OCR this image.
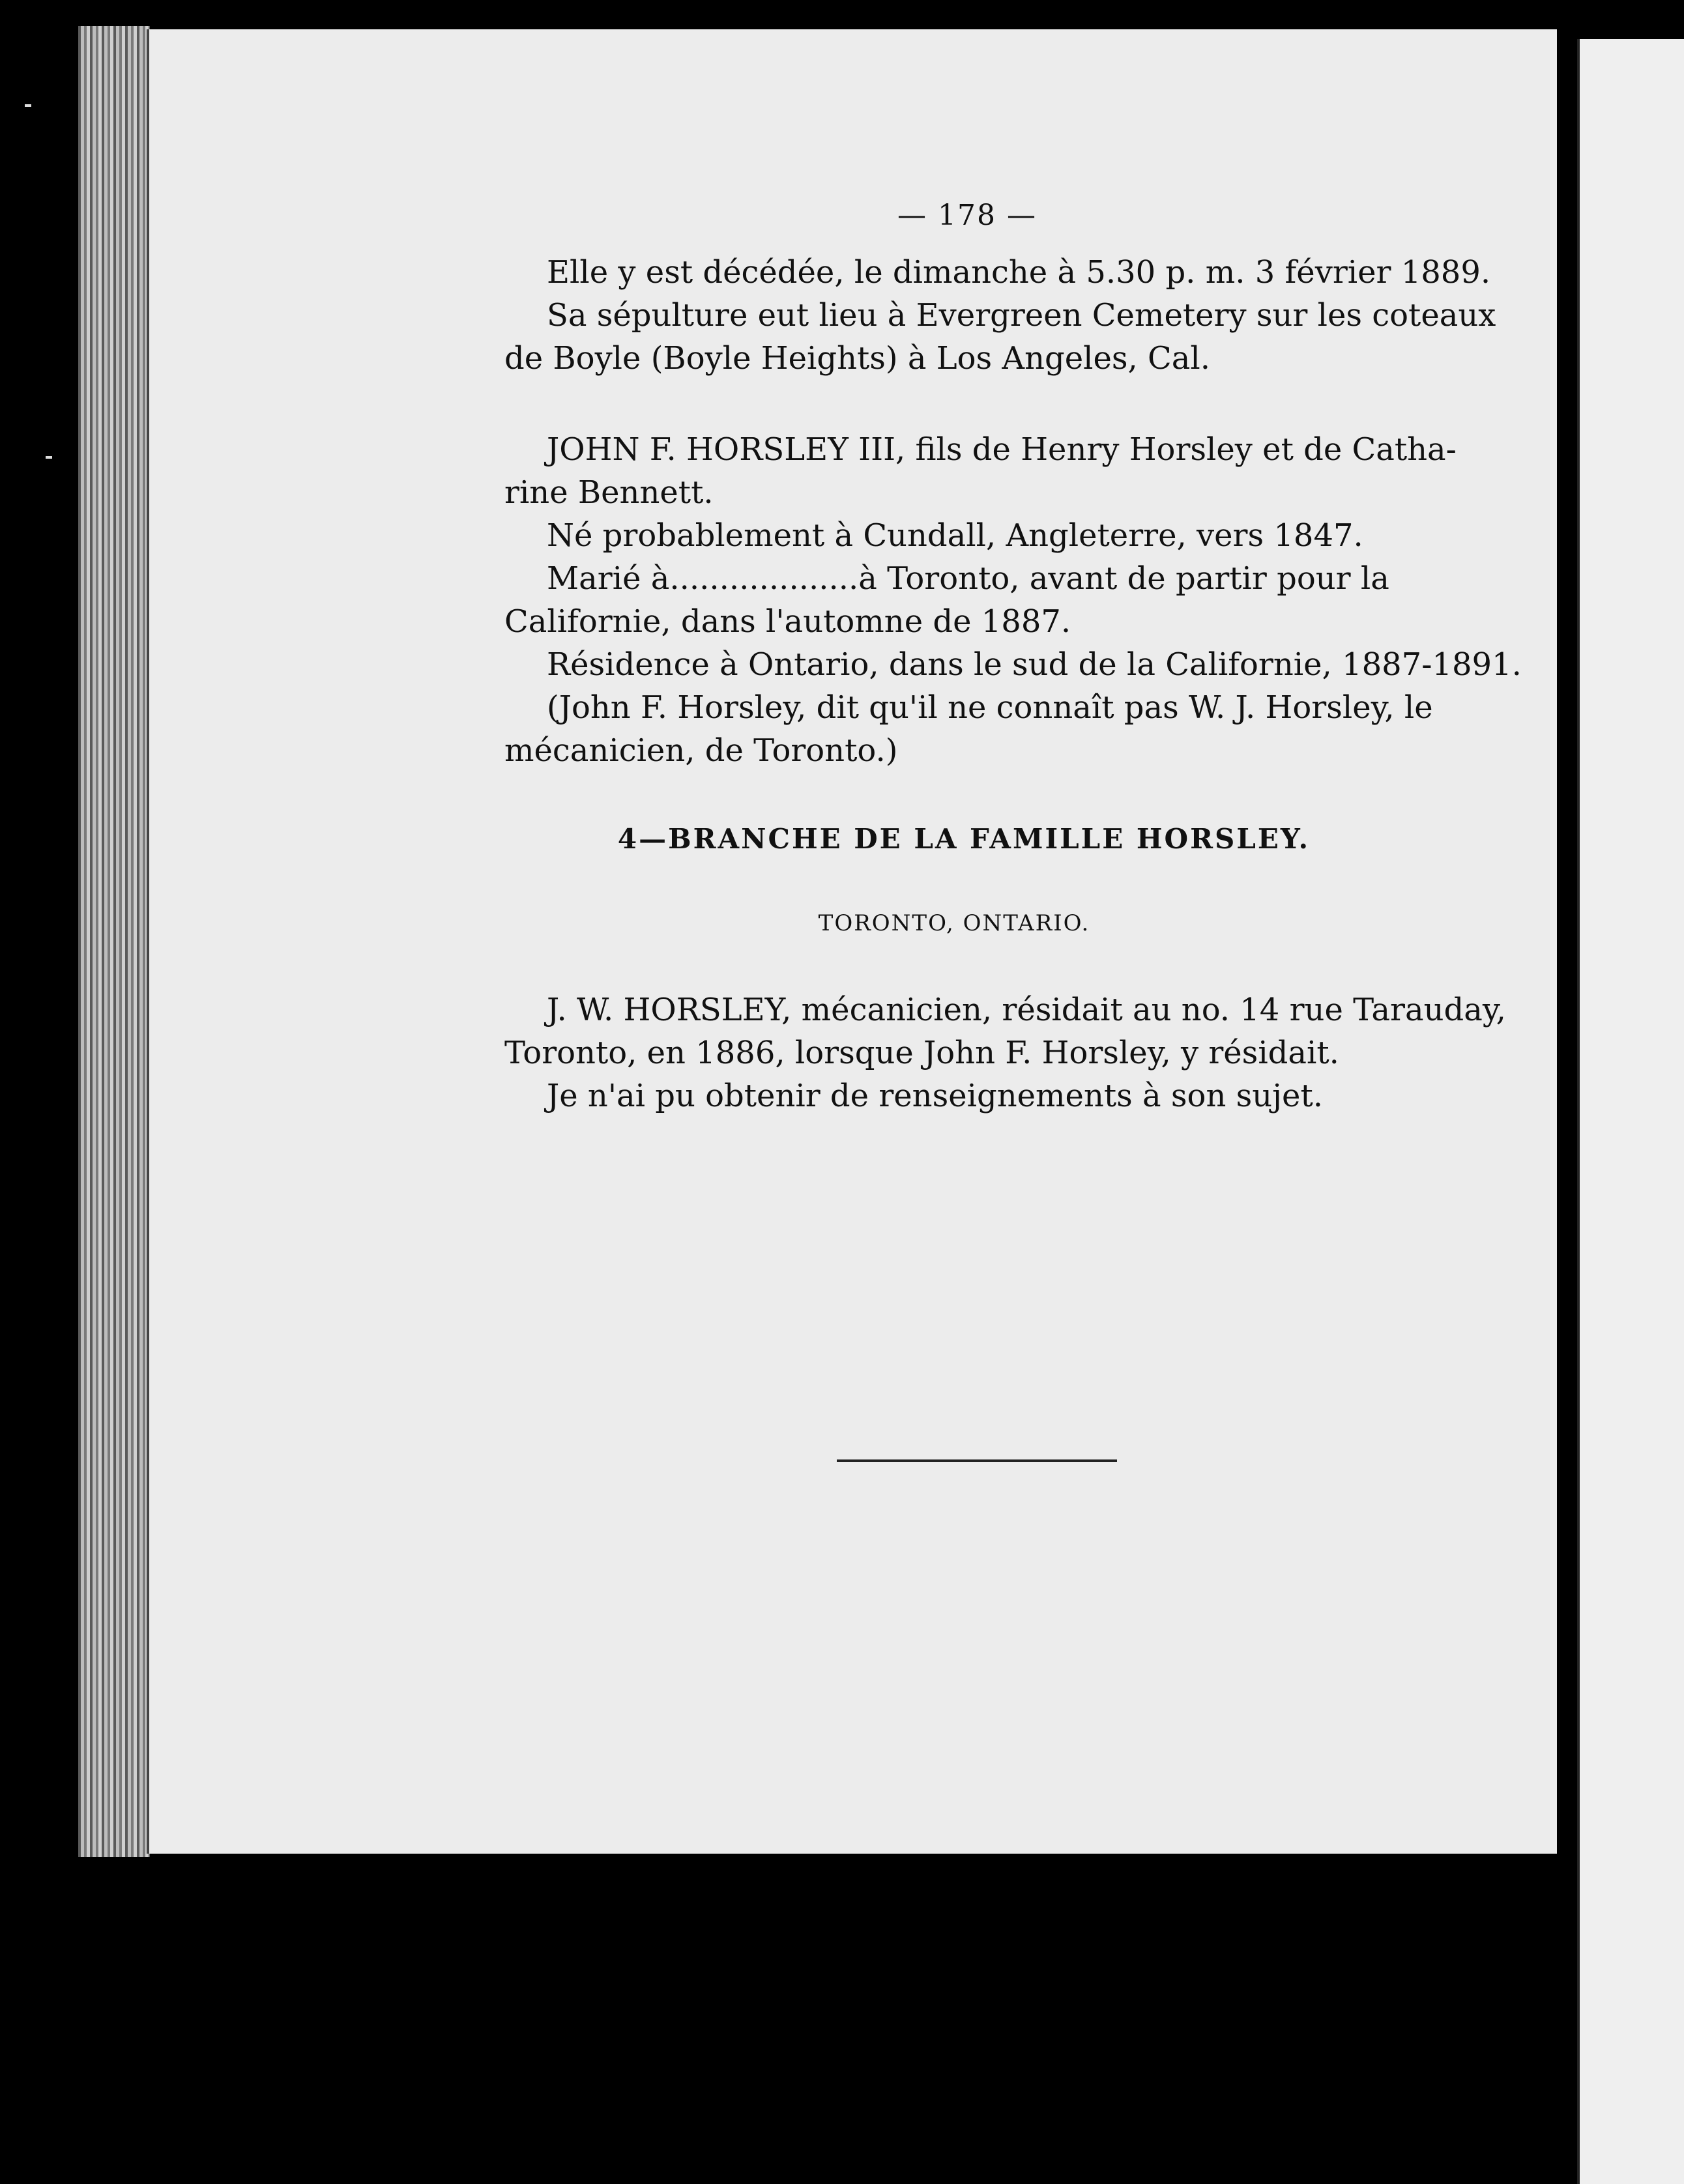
— 178 —
Elle y est décédée, le dimanche à 5.30 p. m. 3 février 1889.
Sa sépulture eut lieu à Evergreen Cemetery sur les coteaux
de Boyle (Boyle Heights) à Los Angeles, Cal.
JOHN F. HORSLEY III, fils de Henry Horsley et de Catha-
rine Bennett.
Né probablement à Cundall, Angleterre, vers 1847.
Marié à...................à Toronto, avant de partir pour la
Californie, dans l'automne de 1887.
Résidence à Ontario, dans le sud de la Californie, 1887-1891.
(John F. Horsley, dit qu'il ne connaît pas W. J. Horsley, le
mécanicien, de Toronto.)
4—BRANCHE DE LA FAMILLE HORSLEY.
TORONTO, ONTARIO.
J. W. HORSLEY, mécanicien, résidait au no. 14 rue Tarauday,
Toronto, en 1886, lorsque John F. Horsley, y résidait.
Je n'ai pu obtenir de renseignements à son sujet.
